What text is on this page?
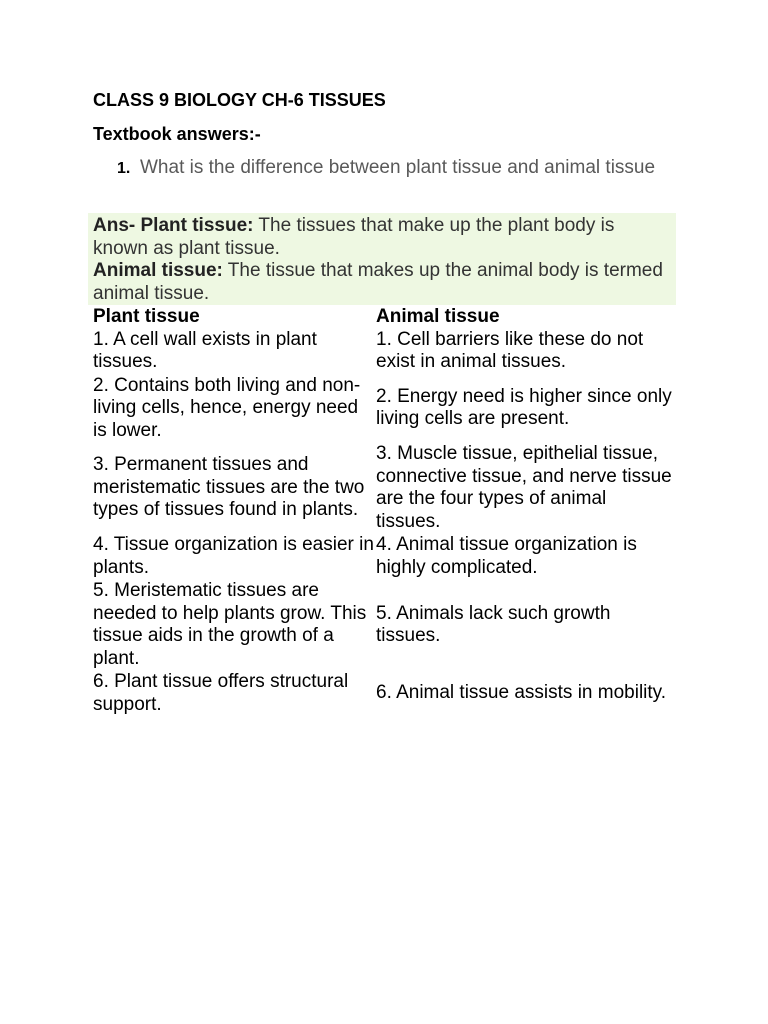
CLASS 9 BIOLOGY CH-6 TISSUES
Textbook answers:-
1. What is the difference between plant tissue and animal tissue
Ans- Plant tissue: The tissues that make up the plant body is known as plant tissue.
Animal tissue: The tissue that makes up the animal body is termed animal tissue.
Plant tissue	Animal tissue
1. A cell wall exists in plant tissues.	1. Cell barriers like these do not exist in animal tissues.
2. Contains both living and non-living cells, hence, energy need is lower.	2. Energy need is higher since only living cells are present.
3. Permanent tissues and meristematic tissues are the two types of tissues found in plants.	3. Muscle tissue, epithelial tissue, connective tissue, and nerve tissue are the four types of animal tissues.
4. Tissue organization is easier in plants.	4. Animal tissue organization is highly complicated.
5. Meristematic tissues are needed to help plants grow. This tissue aids in the growth of a plant.	5. Animals lack such growth tissues.
6. Plant tissue offers structural support.	6. Animal tissue assists in mobility.
